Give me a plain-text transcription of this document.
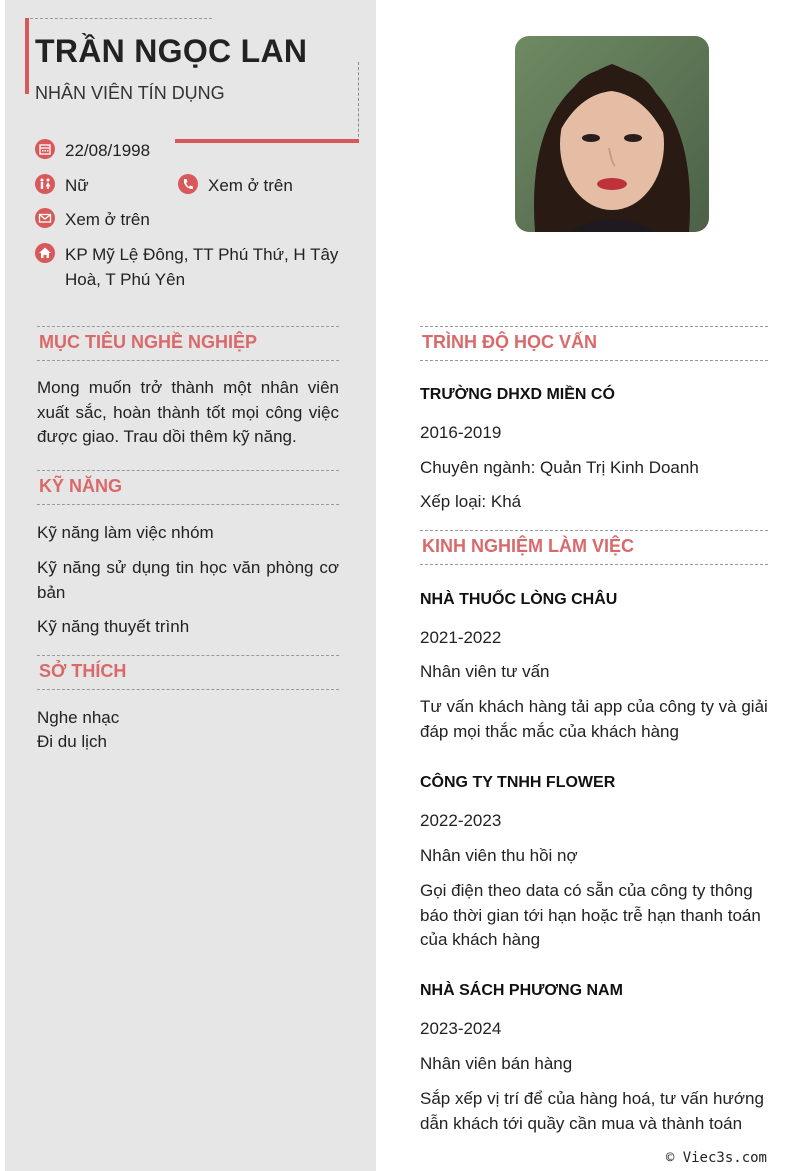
TRẦN NGỌC LAN
NHÂN VIÊN TÍN DỤNG
22/08/1998
Nữ	Xem ở trên
Xem ở trên
KP Mỹ Lệ Đông, TT Phú Thứ, H Tây Hoà, T Phú Yên
MỤC TIÊU NGHỀ NGHIỆP
Mong muốn trở thành một nhân viên xuất sắc, hoàn thành tốt mọi công việc được giao. Trau dồi thêm kỹ năng.
KỸ NĂNG
Kỹ năng làm việc nhóm
Kỹ năng sử dụng tin học văn phòng cơ bản
Kỹ năng thuyết trình
SỞ THÍCH
Nghe nhạc
Đi du lịch
TRÌNH ĐỘ HỌC VẤN
TRƯỜNG DHXD MIỀN CÓ
2016-2019
Chuyên ngành: Quản Trị Kinh Doanh
Xếp loại: Khá
KINH NGHIỆM LÀM VIỆC
NHÀ THUỐC LÒNG CHÂU
2021-2022
Nhân viên tư vấn
Tư vấn khách hàng tải app của công ty và giải đáp mọi thắc mắc của khách hàng
CÔNG TY TNHH FLOWER
2022-2023
Nhân viên thu hồi nợ
Gọi điện theo data có sẵn của công ty thông báo thời gian tới hạn hoặc trễ hạn thanh toán của khách hàng
NHÀ SÁCH PHƯƠNG NAM
2023-2024
Nhân viên bán hàng
Sắp xếp vị trí để của hàng hoá, tư vấn hướng dẫn khách tới quầy cần mua và thành toán
© Viec3s.com
